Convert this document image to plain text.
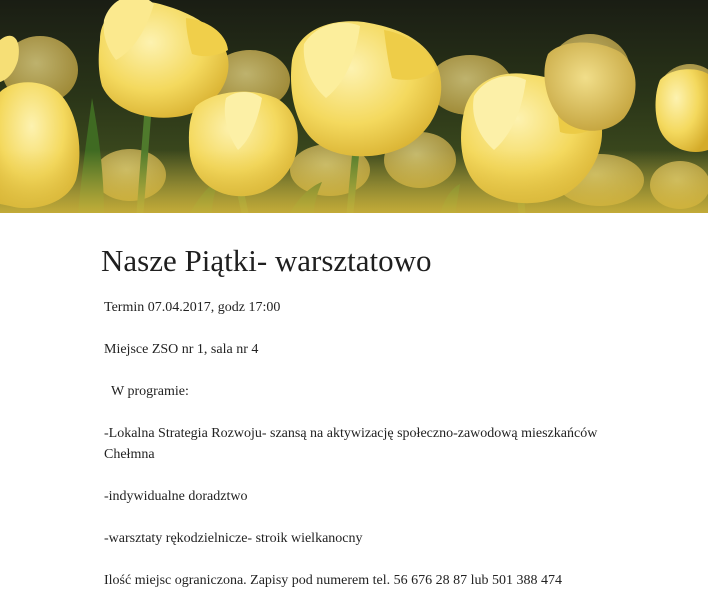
Nasze Piątki- warsztatowo

Termin 07.04.2017, godz 17:00

Miejsce ZSO nr 1, sala nr 4

W programie:

-Lokalna Strategia Rozwoju- szansą na aktywizację społeczno-zawodową mieszkańców Chełmna

-indywidualne doradztwo

-warsztaty rękodzielnicze- stroik wielkanocny

Ilość miejsc ograniczona. Zapisy pod numerem tel. 56 676 28 87 lub 501 388 474
